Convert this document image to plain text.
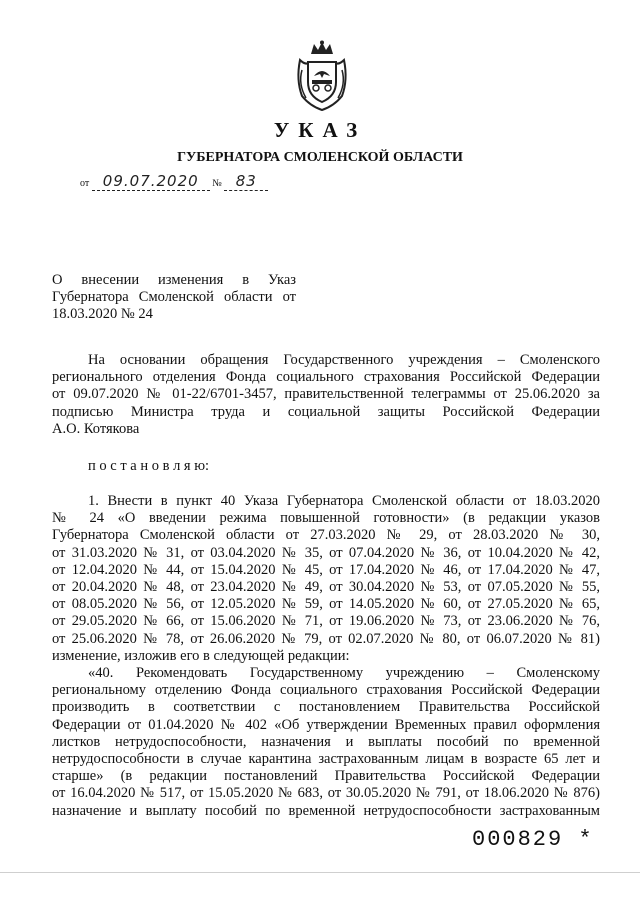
УКАЗ
ГУБЕРНАТОРА СМОЛЕНСКОЙ ОБЛАСТИ
от 09.07.2020 № 83
О внесении изменения в Указ
Губернатора Смоленской области от
18.03.2020 № 24
На основании обращения Государственного учреждения – Смоленского
регионального отделения Фонда социального страхования Российской Федерации
от 09.07.2020 № 01-22/6701-3457, правительственной телеграммы от 25.06.2020 за
подписью Министра труда и социальной защиты Российской Федерации
А.О. Котякова
п о с т а н о в л я ю:
1. Внести в пункт 40 Указа Губернатора Смоленской области от 18.03.2020
№ 24 «О введении режима повышенной готовности» (в редакции указов
Губернатора Смоленской области от 27.03.2020 № 29, от 28.03.2020 № 30,
от 31.03.2020 № 31, от 03.04.2020 № 35, от 07.04.2020 № 36, от 10.04.2020 № 42,
от 12.04.2020 № 44, от 15.04.2020 № 45, от 17.04.2020 № 46, от 17.04.2020 № 47,
от 20.04.2020 № 48, от 23.04.2020 № 49, от 30.04.2020 № 53, от 07.05.2020 № 55,
от 08.05.2020 № 56, от 12.05.2020 № 59, от 14.05.2020 № 60, от 27.05.2020 № 65,
от 29.05.2020 № 66, от 15.06.2020 № 71, от 19.06.2020 № 73, от 23.06.2020 № 76,
от 25.06.2020 № 78, от 26.06.2020 № 79, от 02.07.2020 № 80, от 06.07.2020 № 81)
изменение, изложив его в следующей редакции:
«40. Рекомендовать Государственному учреждению – Смоленскому
региональному отделению Фонда социального страхования Российской Федерации
производить в соответствии с постановлением Правительства Российской
Федерации от 01.04.2020 № 402 «Об утверждении Временных правил оформления
листков нетрудоспособности, назначения и выплаты пособий по временной
нетрудоспособности в случае карантина застрахованным лицам в возрасте 65 лет и
старше» (в редакции постановлений Правительства Российской Федерации
от 16.04.2020 № 517, от 15.05.2020 № 683, от 30.05.2020 № 791, от 18.06.2020 № 876)
назначение и выплату пособий по временной нетрудоспособности застрахованным
000829 *
